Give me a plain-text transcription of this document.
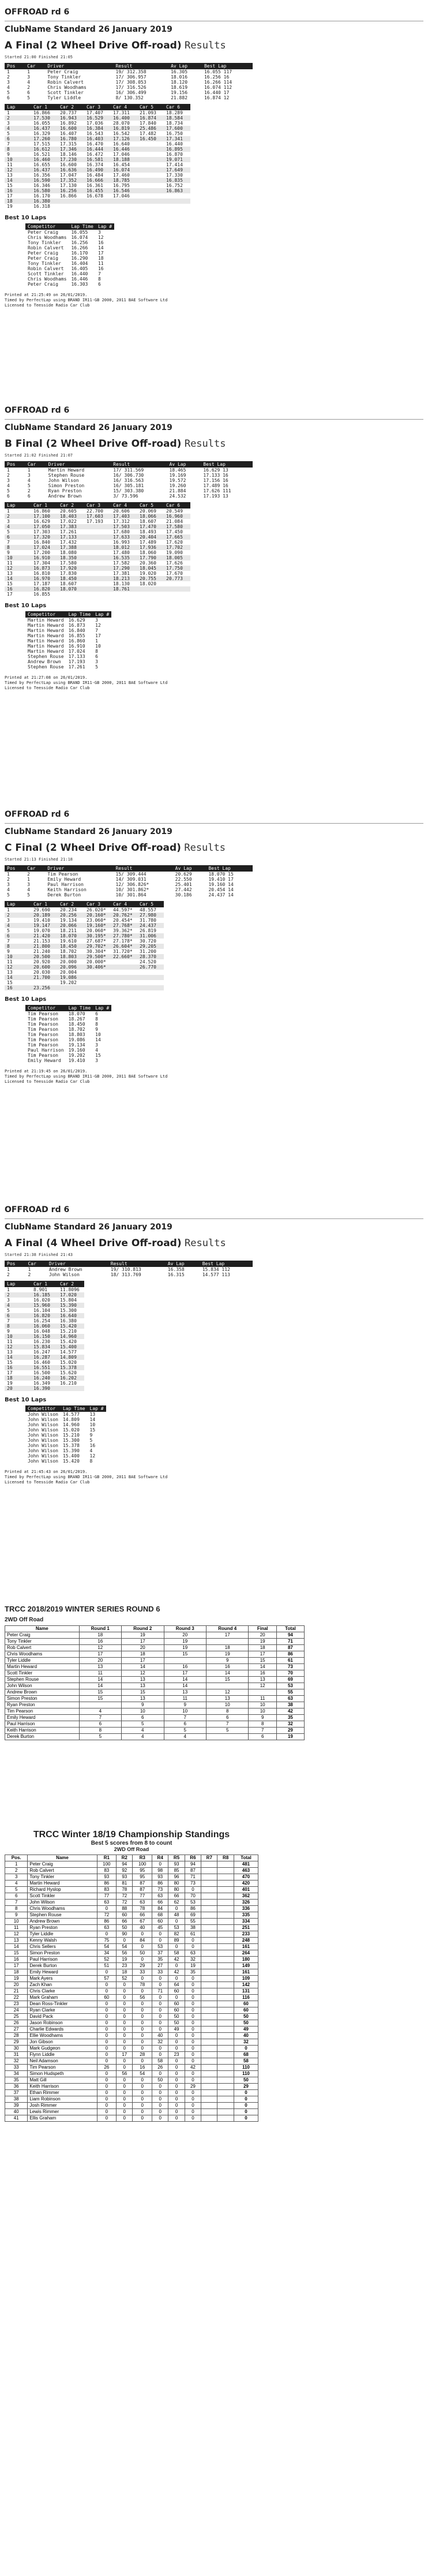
OFFROAD rd 6
ClubName Standard 26 January 2019
A Final (2 Wheel Drive Off-road) Results
Started 21:00 Finished 21:05
Pos	Car	Driver	Result	Av Lap	Best Lap
1	1	Peter Craig	19/ 312.358	16.305	16.055 117
2	3	Tony Tinkler	17/ 306.957	18.016	16.256 16
3	4	Robin Calvert	17/ 308.053	18.120	16.266 114
4	2	Chris Woodhams	17/ 316.526	18.619	16.074 112
5	6	Scott Tinkler	16/ 306.499	19.156	16.440 17
6	5	Tyler Liddle	8/ 130.352	21.882	16.874 12
Lap	Car 1	Car 2	Car 3	Car 4	Car 5	Car 6
1	16.866	20.737	17.407	17.311	21.093	18.289
2	17.530	16.943	16.529	16.400	16.874	18.584
3	16.055	16.892	17.036	28.070	17.840	18.734
4	16.437	16.600	16.384	16.819	25.486	17.600
5	16.329	16.407	16.543	16.542	17.482	16.750
6	17.260	16.780	16.403	17.126	16.450	17.341
7	17.515	17.315	16.470	16.640		16.440
8	16.612	17.346	16.444	16.446		16.895
9	16.521	18.146	16.472	17.046		16.870
10	16.460	17.230	16.581	18.188		19.071
11	16.655	16.600	16.374	16.454		17.414
12	16.437	16.636	16.490	16.074		17.649
13	16.356	17.047	16.484	17.460		17.330
14	16.590	17.352	16.666	18.785		16.835
15	16.346	17.130	16.361	16.795		16.752
16	16.580	16.256	16.455	16.546		16.863
17	16.170	16.866	16.678	17.046		
18	16.380					
19	16.318					
Best 10 Laps
Competitor	Lap Time	Lap #
Peter Craig	16.055	3
Chris Woodhams	16.074	12
Tony Tinkler	16.256	16
Robin Calvert	16.266	14
Peter Craig	16.170	17
Peter Craig	16.290	18
Tony Tinkler	16.404	11
Robin Calvert	16.405	16
Scott Tinkler	16.440	7
Chris Woodhams	16.446	8
Peter Craig	16.303	6
Printed at 21:25:49 on 26/01/2019.
Timed by PerfectLap using BRAND IR11-GB 2000, 2011 BAE Software Ltd
Licensed to Teesside Radio Car Club
OFFROAD rd 6
ClubName Standard 26 January 2019
B Final (2 Wheel Drive Off-road) Results
Started 21:02 Finished 21:07
Pos	Car	Driver	Result	Av Lap	Best Lap
1	1	Martin Heward	17/ 311.569	18.465	16.629 13
2	3	Stephen Rouse	16/ 306.730	19.169	17.133 16
3	4	John Wilson	16/ 316.563	19.572	17.156 16
4	5	Simon Preston	16/ 305.181	19.260	17.489 16
5	2	Ryan Preston	15/ 303.380	21.884	17.626 111
6	6	Andrew Brown	3/ 73.596	24.532	17.193 13
Lap	Car 1	Car 2	Car 3	Car 4	Car 5	Car 6
1	16.860	20.605	22.700	20.606	20.069	20.549
2	17.100	18.403	17.603	17.403	18.066	16.960
3	16.629	17.022	17.193	17.312	18.607	21.084
4	17.050	17.383		17.503	17.470	17.580
5	17.303	17.261		17.680	18.493	17.450
6	17.320	17.133		17.633	20.404	17.665
7	16.840	17.432		16.993	17.489	17.620
8	17.024	17.388		18.012	17.936	17.702
9	17.200	18.080		17.480	18.060	19.090
10	16.910	18.350		16.535	17.790	18.005
11	17.304	17.580		17.582	20.360	17.626
12	16.873	17.920		17.290	18.045	17.750
13	16.810	17.830		17.381	19.020	17.670
14	16.970	18.450		18.213	20.755	20.773
15	17.187	18.607		18.130	18.020	
16	16.820	18.070		18.761		
17	16.855					
Best 10 Laps
Competitor	Lap Time	Lap #
Martin Heward	16.629	3
Martin Heward	16.873	12
Martin Heward	16.840	7
Martin Heward	16.855	17
Martin Heward	16.860	1
Martin Heward	16.910	10
Martin Heward	17.024	8
Stephen Rouse	17.133	6
Andrew Brown	17.193	3
Stephen Rouse	17.261	5
Printed at 21:27:08 on 26/01/2019.
Timed by PerfectLap using BRAND IR11-GB 2000, 2011 BAE Software Ltd
Licensed to Teesside Radio Car Club
OFFROAD rd 6
ClubName Standard 26 January 2019
C Final (2 Wheel Drive Off-road) Results
Started 21:13 Finished 21:18
Pos	Car	Driver	Result	Av Lap	Best Lap
1	2	Tim Pearson	15/ 309.444	20.629	18.070 15
2	1	Emily Heward	14/ 309.031	22.550	19.410 17
3	3	Paul Harrison	12/ 306.826*	25.401	19.160 14
4	4	Keith Harrison	10/ 301.862*	27.442	20.454 14
5	5	Derek Burton	10/ 301.864	30.186	24.437 14
Lap	Car 1	Car 2	Car 3	Car 4	Car 5
1	29.690	20.234	26.020*	44.597*	48.557
2	20.189	20.256	20.160*	20.762*	27.980
3	19.410	19.134	23.060*	20.454*	31.780
4	19.147	20.066	19.160*	27.768*	24.437
5	19.070	18.211	20.060*	39.362*	26.819
6	21.420	18.070	30.195*	27.780*	31.006
7	21.153	19.610	27.687*	27.178*	30.720
8	21.800	18.450	29.702*	26.604*	29.205
9	21.240	18.702	30.304*	31.720*	31.200
10	20.500	18.803	29.500*	22.660*	28.370
11	20.920	20.000	20.000*		24.520
12	20.600	20.096	30.406*		26.770
13	20.030	20.004			
14	21.700	19.086			
15		19.202			
16	23.256				
Best 10 Laps
Competitor	Lap Time	Lap #
Tim Pearson	18.070	6
Tim Pearson	18.267	8
Tim Pearson	18.450	8
Tim Pearson	18.702	9
Tim Pearson	18.803	10
Tim Pearson	19.086	14
Tim Pearson	19.134	3
Paul Harrison	19.160	4
Tim Pearson	19.202	15
Emily Heward	19.410	3
Printed at 21:19:45 on 26/01/2019.
Timed by PerfectLap using BRAND IR11-GB 2000, 2011 BAE Software Ltd
Licensed to Teesside Radio Car Club
OFFROAD rd 6
ClubName Standard 26 January 2019
A Final (4 Wheel Drive Off-road) Results
Started 21:38 Finished 21:43
Pos	Car	Driver	Result	Av Lap	Best Lap
1	1	Andrew Brown	19/ 310.813	16.358	15.834 112
2	2	John Wilson	18/ 313.769	16.315	14.577 113
Lap	Car 1	Car 2
1	8.901	11.8096
2	16.185	17.020
3	16.020	15.804
4	15.960	15.390
5	16.104	15.300
6	16.820	16.640
7	16.254	16.380
8	16.060	15.420
9	16.048	15.210
10	16.150	14.960
11	16.230	15.420
12	15.834	15.400
13	16.247	14.577
14	16.287	14.809
15	16.460	15.020
16	16.551	15.378
17	16.500	15.620
18	16.240	16.202
19	16.349	16.210
20	16.390	
Best 10 Laps
Competitor	Lap Time	Lap #
John Wilson	14.577	13
John Wilson	14.809	14
John Wilson	14.960	10
John Wilson	15.020	15
John Wilson	15.210	9
John Wilson	15.300	5
John Wilson	15.378	16
John Wilson	15.390	4
John Wilson	15.400	12
John Wilson	15.420	8
Printed at 21:45:43 on 26/01/2019.
Timed by PerfectLap using BRAND IR11-GB 2000, 2011 BAE Software Ltd
Licensed to Teesside Radio Car Club
TRCC 2018/2019 WINTER SERIES ROUND 6
2WD Off Road
Name	Round 1	Round 2	Round 3	Round 4	Final	Total
Peter Craig	18	19	20	17	20	94
Tony Tinkler	16	17	19		19	71
Rob Calvert	12	20	19	18	18	87
Chris Woodhams	17	18	15	19	17	86
Tyler Liddle	20	17		9	15	61
Martin Heward	13	14	16	16	14	73
Scott Tinkler	11	12	17	14	16	70
Stephen Rouse	14	13	14	15	13	69
John Wilson	14	13	14		12	53
Andrew Brown	15	15	13	12		55
Simon Preston	15	13	11	13	11	63
Ryan Preston		9	9	10	10	38
Tim Pearson	4	10	10	8	10	42
Emily Heward	7	6	7	6	9	35
Paul Harrison	6	5	6	7	8	32
Keith Harrison	8	4	5	5	7	29
Derek Burton	5	4	4		6	19
TRCC Winter 18/19 Championship Standings
Best 5 scores from 8 to count
2WD Off Road
Pos.	Name	R1	R2	R3	R4	R5	R6	R7	R8	Total
1	Peter Craig	100	94	100	0	93	94			481
2	Rob Calvert	83	92	95	98	85	87			463
3	Tony Tinkler	93	93	95	93	96	71			470
4	Martin Heward	86	81	87	86	80	73			420
5	Richard Hyslop	83	78	87	73	80	0			401
6	Scott Tinkler	77	72	77	63	66	70			362
7	John Wilson	63	72	63	66	62	53			326
8	Chris Woodhams	0	88	78	84	0	86			336
9	Stephen Rouse	72	60	66	68	48	69			335
10	Andrew Brown	86	66	67	60	0	55			334
11	Ryan Preston	63	50	40	45	53	38			251
12	Tyler Liddle	0	90	0	0	82	61			233
13	Kenny Walsh	75	0	84	0	89	0			248
14	Chris Sellers	54	54	0	53	0	0			161
15	Simon Preston	34	56	50	37	58	63			264
16	Paul Harrison	52	19	0	35	42	32			180
17	Derek Burton	51	23	29	27	0	19			149
18	Emily Heward	0	18	33	33	42	35			161
19	Mark Ayers	57	52	0	0	0	0			109
20	Zach Khan	0	0	78	0	64	0			142
21	Chris Clarke	0	0	0	71	60	0			131
22	Mark Graham	60	0	56	0	0	0			116
23	Dean Ross-Tinkler	0	0	0	0	60	0			60
24	Ryan Clarke	0	0	0	0	60	0			60
25	David Pack	0	0	0	0	50	0			50
26	Jason Robinson	0	0	0	0	50	0			50
27	Charlie Edwards	0	0	0	0	49	0			49
28	Ellie Woodhams	0	0	0	40	0	0			40
29	Jon Gibson	0	0	0	32	0	0			32
30	Mark Gudgeon	0	0	0	0	0	0			0
31	Flynn Liddle	0	17	28	0	23	0			68
32	Neil Adamson	0	0	0	58	0	0			58
33	Tim Pearson	26	0	16	26	0	42			110
34	Simon Hudspeth	0	56	54	0	0	0			110
35	Matt Gill	0	0	0	50	0	0			50
36	Keith Harrison	0	0	0	0	0	29			29
37	Ethan Rimmer	0	0	0	0	0	0			0
38	Liam Robinson	0	0	0	0	0	0			0
39	Josh Rimmer	0	0	0	0	0	0			0
40	Lewis Rimmer	0	0	0	0	0	0			0
41	Ellis Graham	0	0	0	0	0	0			0
